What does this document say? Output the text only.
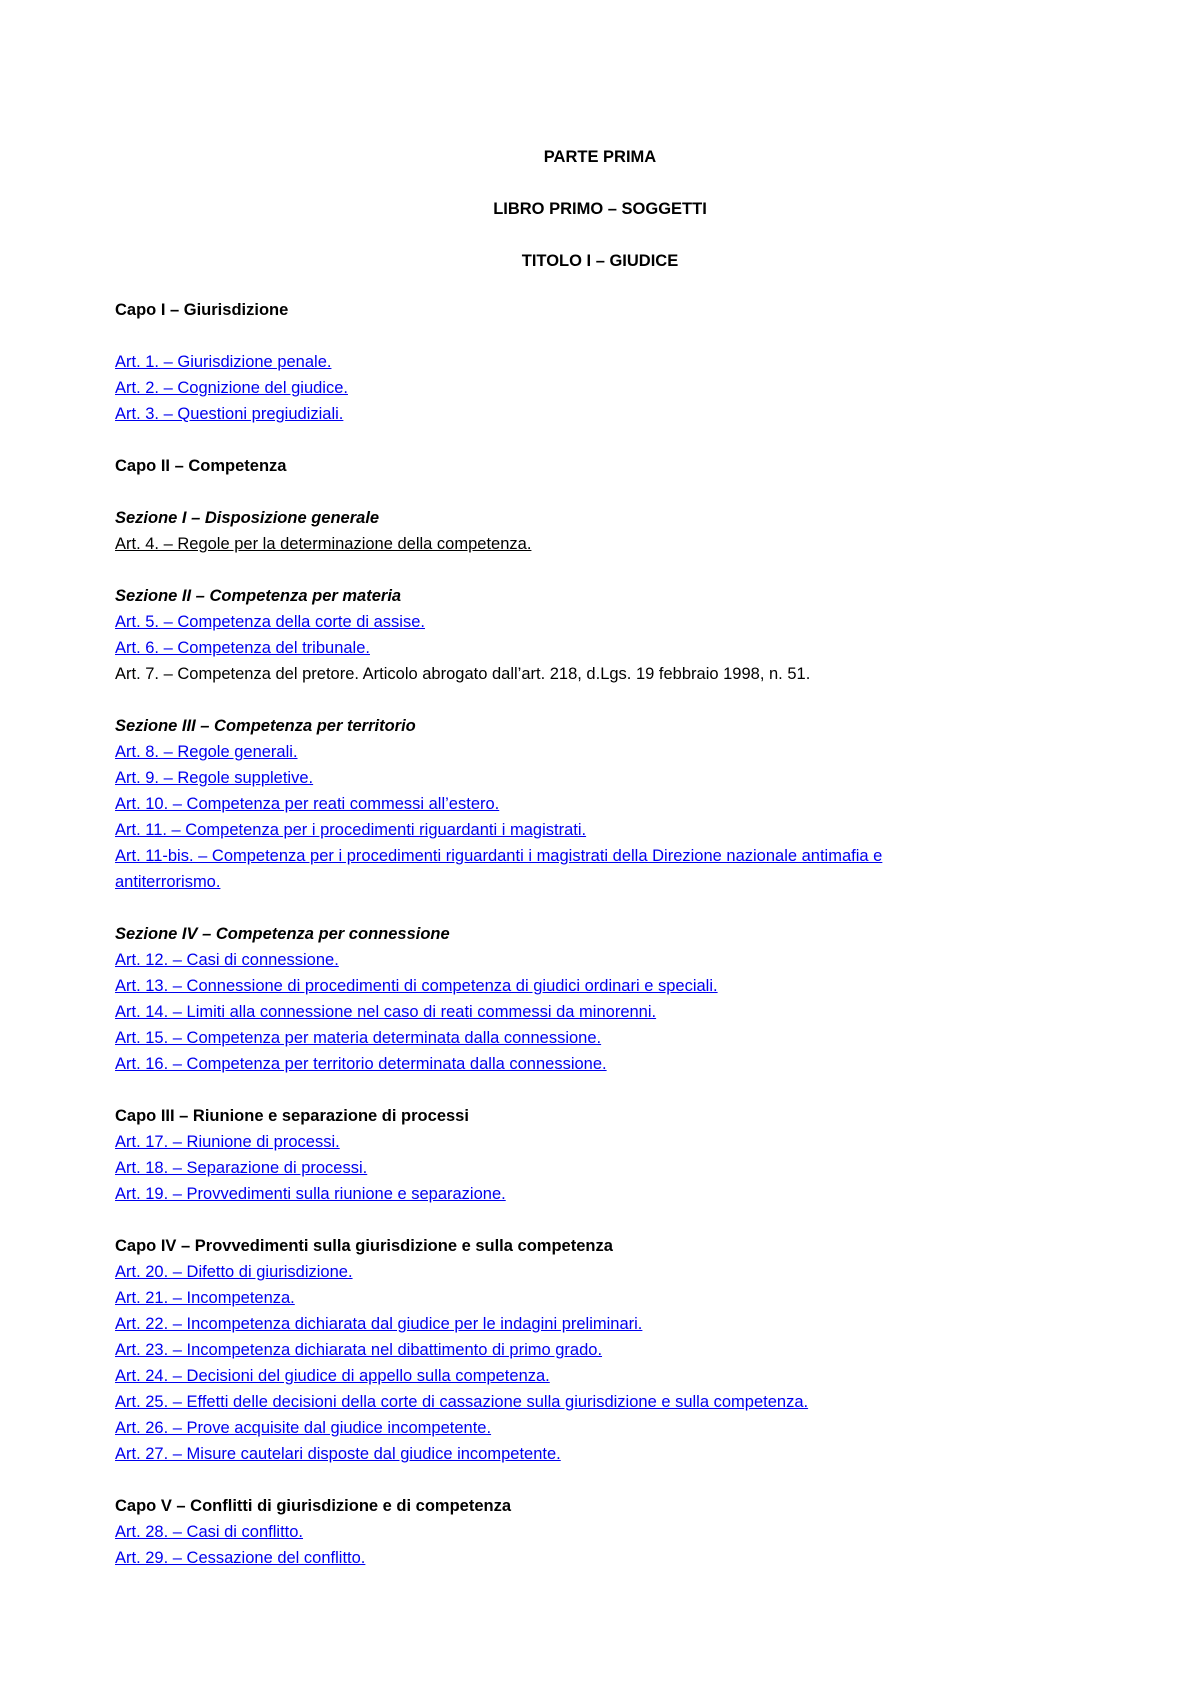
PARTE PRIMA
LIBRO PRIMO – SOGGETTI
TITOLO I – GIUDICE
Capo I – Giurisdizione
Art. 1. – Giurisdizione penale.
Art. 2. – Cognizione del giudice.
Art. 3. – Questioni pregiudiziali.
Capo II – Competenza
Sezione I – Disposizione generale
Art. 4. – Regole per la determinazione della competenza.
Sezione II – Competenza per materia
Art. 5. – Competenza della corte di assise.
Art. 6. – Competenza del tribunale.
Art. 7. – Competenza del pretore. Articolo abrogato dall’art. 218, d.Lgs. 19 febbraio 1998, n. 51.
Sezione III – Competenza per territorio
Art. 8. – Regole generali.
Art. 9. – Regole suppletive.
Art. 10. – Competenza per reati commessi all’estero.
Art. 11. – Competenza per i procedimenti riguardanti i magistrati.
Art. 11-bis. – Competenza per i procedimenti riguardanti i magistrati della Direzione nazionale antimafia e
antiterrorismo.
Sezione IV – Competenza per connessione
Art. 12. – Casi di connessione.
Art. 13. – Connessione di procedimenti di competenza di giudici ordinari e speciali.
Art. 14. – Limiti alla connessione nel caso di reati commessi da minorenni.
Art. 15. – Competenza per materia determinata dalla connessione.
Art. 16. – Competenza per territorio determinata dalla connessione.
Capo III – Riunione e separazione di processi
Art. 17. – Riunione di processi.
Art. 18. – Separazione di processi.
Art. 19. – Provvedimenti sulla riunione e separazione.
Capo IV – Provvedimenti sulla giurisdizione e sulla competenza
Art. 20. – Difetto di giurisdizione.
Art. 21. – Incompetenza.
Art. 22. – Incompetenza dichiarata dal giudice per le indagini preliminari.
Art. 23. – Incompetenza dichiarata nel dibattimento di primo grado.
Art. 24. – Decisioni del giudice di appello sulla competenza.
Art. 25. – Effetti delle decisioni della corte di cassazione sulla giurisdizione e sulla competenza.
Art. 26. – Prove acquisite dal giudice incompetente.
Art. 27. – Misure cautelari disposte dal giudice incompetente.
Capo V – Conflitti di giurisdizione e di competenza
Art. 28. – Casi di conflitto.
Art. 29. – Cessazione del conflitto.
